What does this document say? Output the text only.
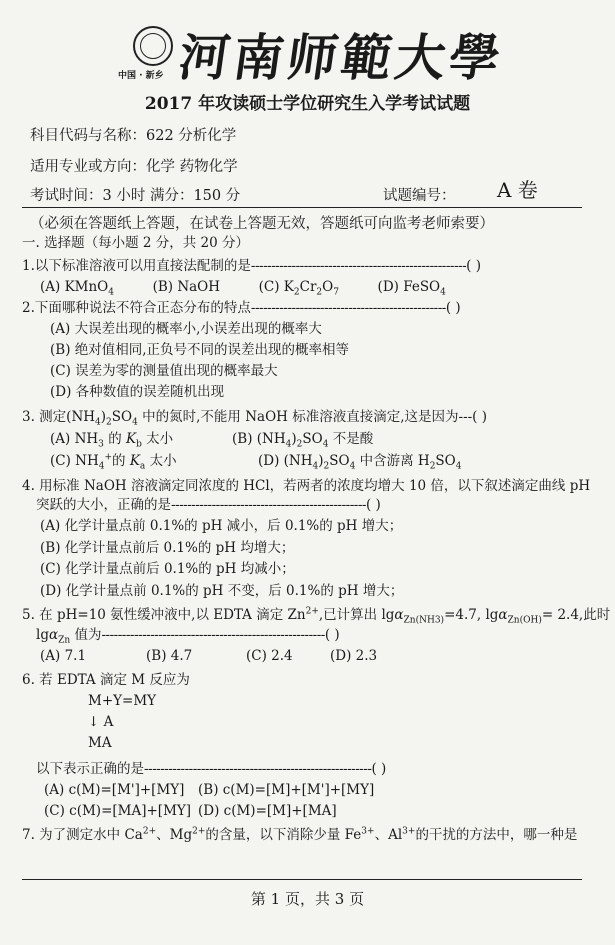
中国 · 新乡 河南师範大學
2017 年攻读硕士学位研究生入学考试试题
科目代码与名称：622 分析化学
适用专业或方向：化学 药物化学
考试时间：3 小时 满分：150 分	试题编号： A 卷
（必须在答题纸上答题，在试卷上答题无效，答题纸可向监考老师索要）
一. 选择题（每小题 2 分，共 20 分）
1.以下标准溶液可以用直接法配制的是-----------------------------------------------------( )
(A) KMnO$_4$	(B) NaOH	(C) $K_2Cr_2O_7$	(D) FeSO$_4$
2.下面哪种说法不符合正态分布的特点------------------------------------------------( )
(A) 大误差出现的概率小,小误差出现的概率大
(B) 绝对值相同,正负号不同的误差出现的概率相等
(C) 误差为零的测量值出现的概率最大
(D) 各种数值的误差随机出现
3. 测定$(NH_4)_2SO_4$ 中的氮时,不能用 NaOH 标准溶液直接滴定,这是因为---( )
(A) $NH_3$ 的 $K_b$ 太小	(B) $(NH_4)_2SO_4$ 不是酸
(C) $NH_4^+$的 $K_a$ 太小	(D) $(NH_4)_2SO_4$ 中含游离 $H_2SO_4$
4. 用标准 NaOH 溶液滴定同浓度的 HCl，若两者的浓度均增大 10 倍，以下叙述滴定曲线 pH
突跃的大小，正确的是------------------------------------------------( )
(A) 化学计量点前 0.1%的 pH 减小，后 0.1%的 pH 增大；
(B) 化学计量点前后 0.1%的 pH 均增大；
(C) 化学计量点前后 0.1%的 pH 均减小；
(D) 化学计量点前 0.1%的 pH 不变，后 0.1%的 pH 增大；
5. 在 pH=10 氨性缓冲液中,以 EDTA 滴定 $Zn^{2+}$,已计算出 lgα$_{Zn(NH3)}$=4.7, lgα$_{Zn(OH)}$= 2.4,此时
lgα$_{Zn}$ 值为-------------------------------------------------------( )
(A) 7.1	(B) 4.7	(C) 2.4	(D) 2.3
6. 若 EDTA 滴定 M 反应为
M+Y=MY
↓ A
MA
以下表示正确的是--------------------------------------------------------( )
(A) c(M)=[M']+[MY] (B) c(M)=[M]+[M']+[MY]
(C) c(M)=[MA]+[MY] (D) c(M)=[M]+[MA]
7. 为了测定水中 $Ca^{2+}$、$Mg^{2+}$的含量，以下消除少量 $Fe^{3+}$、$Al^{3+}$的干扰的方法中，哪一种是
第 1 页，共 3 页
